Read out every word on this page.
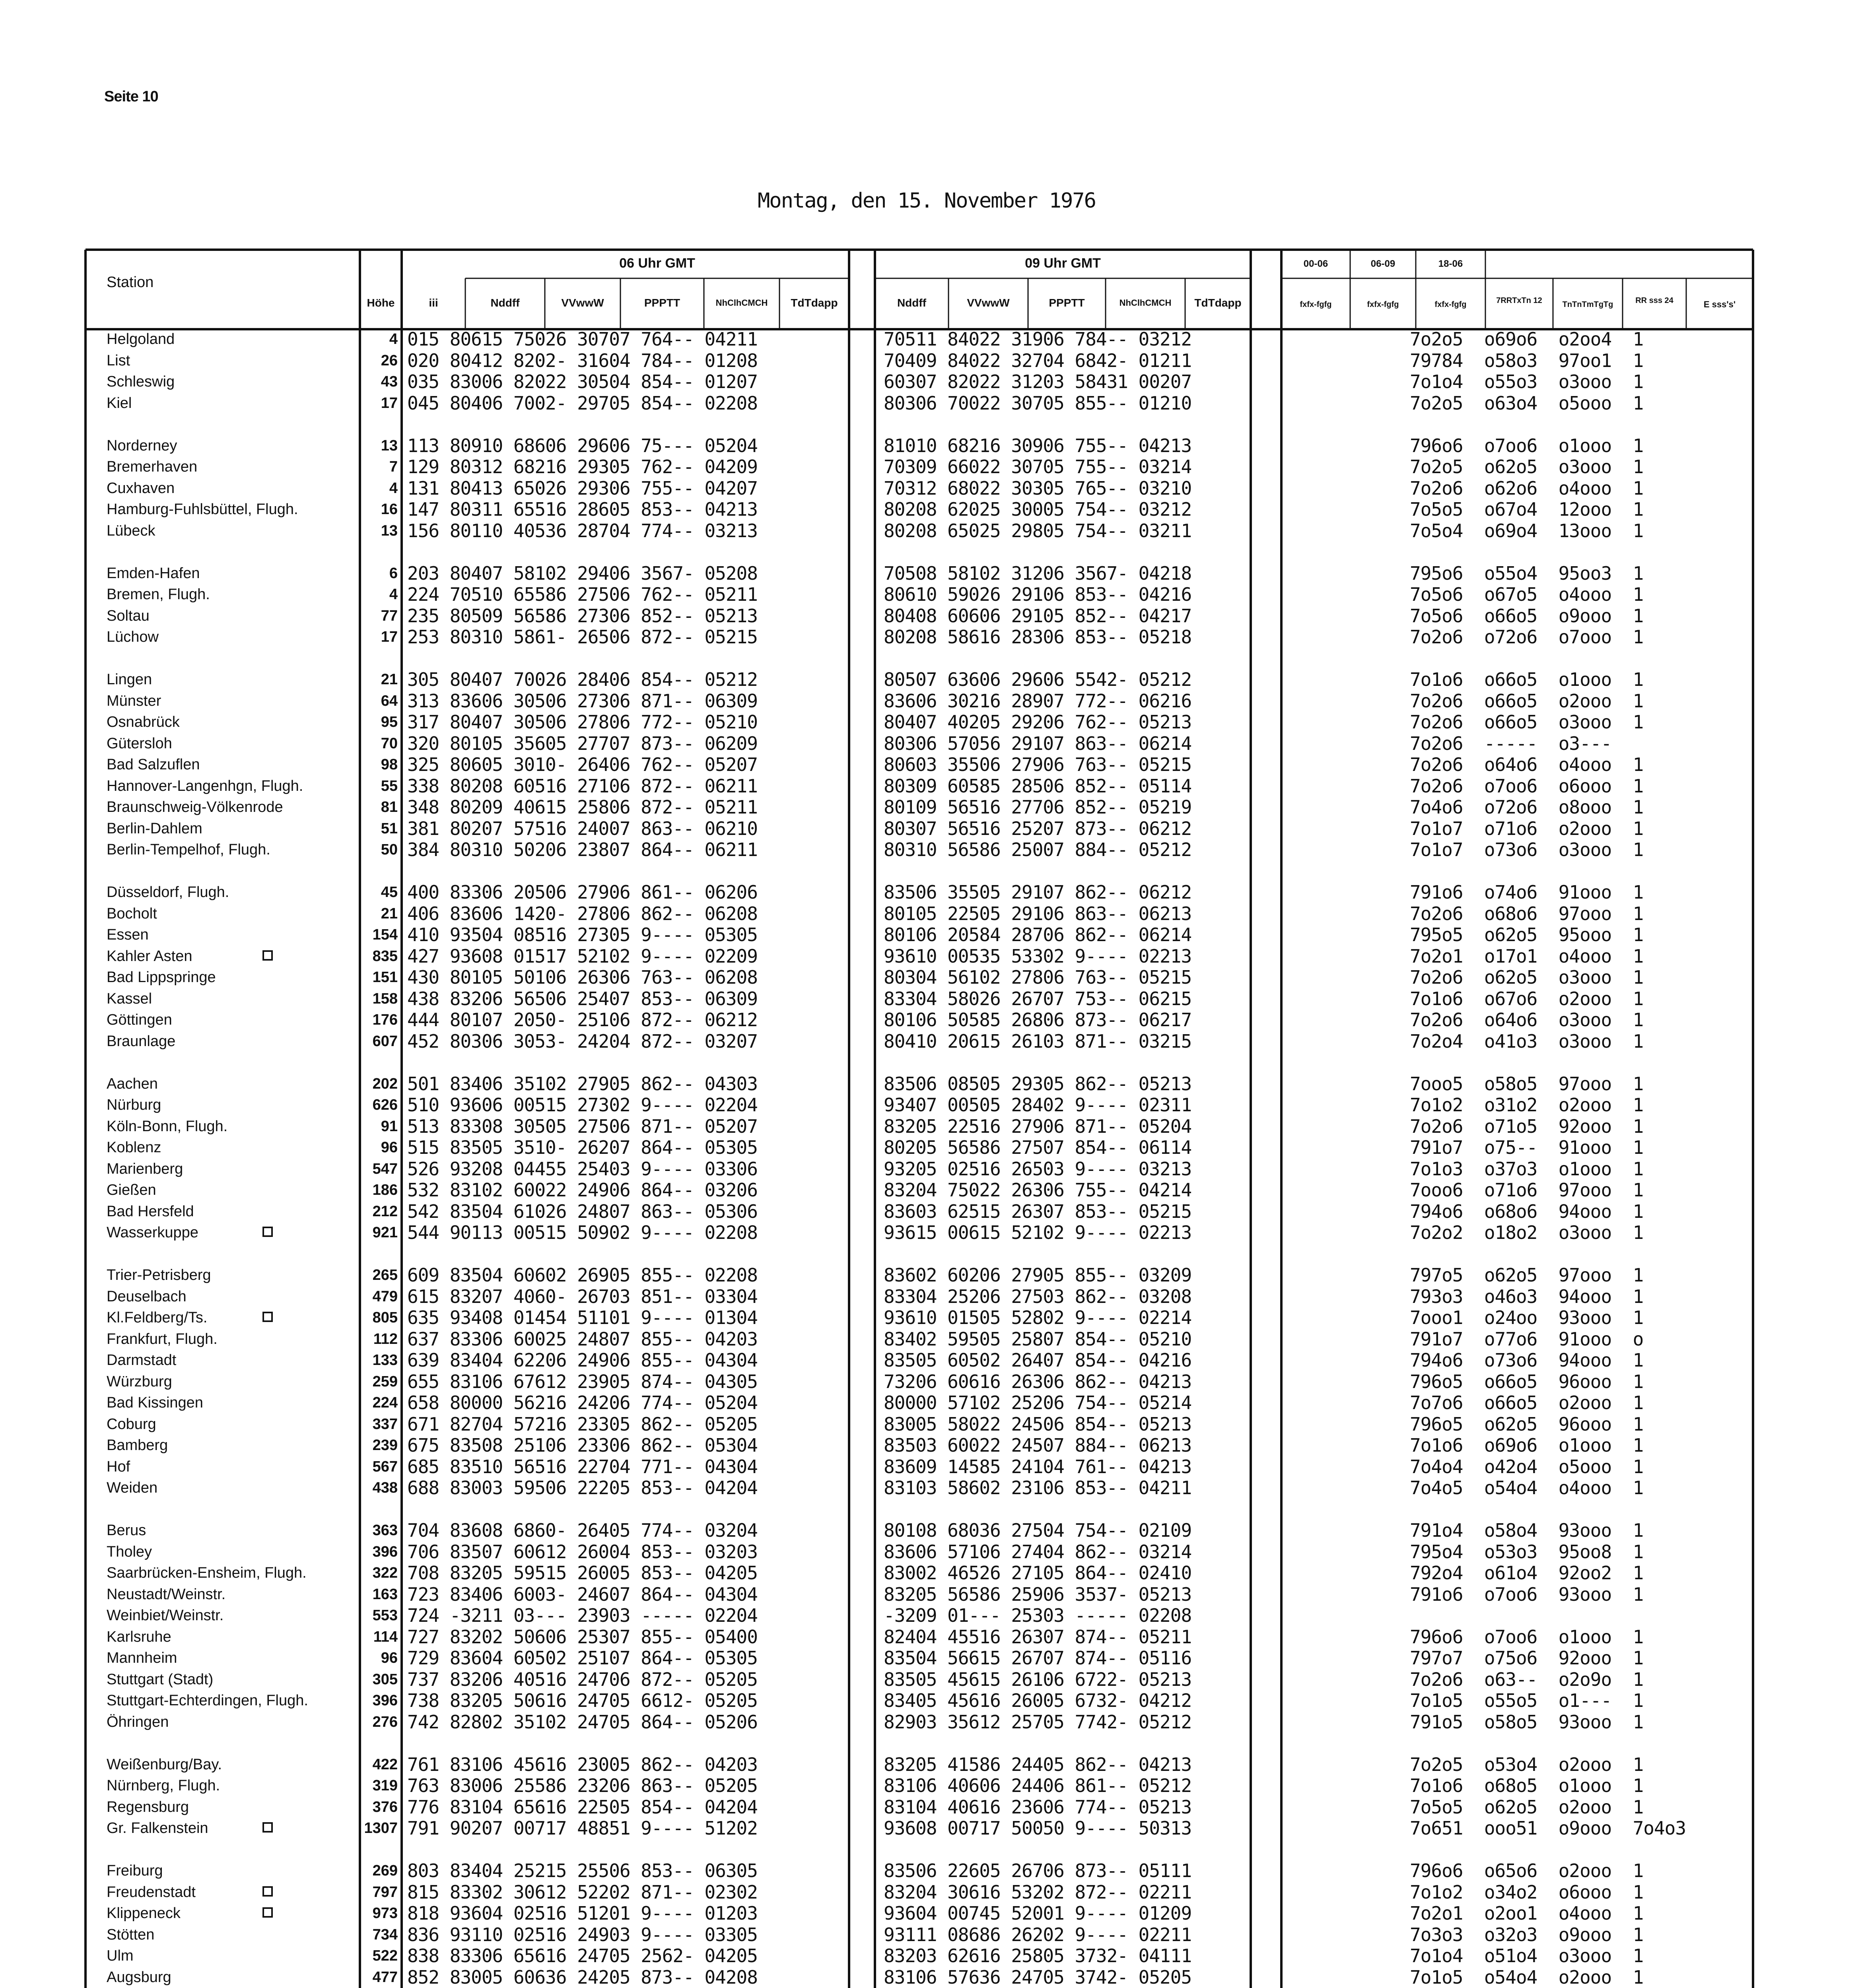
Seite 10
Montag, den 15. November 1976
Station
Höhe	iii
06 Uhr GMT	09 Uhr GMT
Nddff	VVwwW	PPPTT	NhClhCMCH	TdTdapp	Nddff	VVwwW	PPPTT	NhClhCMCH	TdTdapp
00-06	06-09	18-06
fxfx-fgfg	fxfx-fgfg	fxfx-fgfg	7RRTxTn 12	TnTnTmTgTg	RR sss 24	E sss's'
Helgoland	4 015 80615 75026 30707 764-- 04211	70511 84022 31906 784-- 03212	7o2o5  o69o6  o2oo4  1
List	26 020 80412 8202- 31604 784-- 01208	70409 84022 32704 6842- 01211	79784  o58o3  97oo1  1
Schleswig	43 035 83006 82022 30504 854-- 01207	60307 82022 31203 58431 00207	7o1o4  o55o3  o3ooo  1
Kiel	17 045 80406 7002- 29705 854-- 02208	80306 70022 30705 855-- 01210	7o2o5  o63o4  o5ooo  1
Norderney	13 113 80910 68606 29606 75--- 05204	81010 68216 30906 755-- 04213	796o6  o7oo6  o1ooo  1
Bremerhaven	7 129 80312 68216 29305 762-- 04209	70309 66022 30705 755-- 03214	7o2o5  o62o5  o3ooo  1
Cuxhaven	4 131 80413 65026 29306 755-- 04207	70312 68022 30305 765-- 03210	7o2o6  o62o6  o4ooo  1
Hamburg-Fuhlsbüttel, Flugh.	16 147 80311 65516 28605 853-- 04213	80208 62025 30005 754-- 03212	7o5o5  o67o4  12ooo  1
Lübeck	13 156 80110 40536 28704 774-- 03213	80208 65025 29805 754-- 03211	7o5o4  o69o4  13ooo  1
Emden-Hafen	6 203 80407 58102 29406 3567- 05208	70508 58102 31206 3567- 04218	795o6  o55o4  95oo3  1
Bremen, Flugh.	4 224 70510 65586 27506 762-- 05211	80610 59026 29106 853-- 04216	7o5o6  o67o5  o4ooo  1
Soltau	77 235 80509 56586 27306 852-- 05213	80408 60606 29105 852-- 04217	7o5o6  o66o5  o9ooo  1
Lüchow	17 253 80310 5861- 26506 872-- 05215	80208 58616 28306 853-- 05218	7o2o6  o72o6  o7ooo  1
Lingen	21 305 80407 70026 28406 854-- 05212	80507 63606 29606 5542- 05212	7o1o6  o66o5  o1ooo  1
Münster	64 313 83606 30506 27306 871-- 06309	83606 30216 28907 772-- 06216	7o2o6  o66o5  o2ooo  1
Osnabrück	95 317 80407 30506 27806 772-- 05210	80407 40205 29206 762-- 05213	7o2o6  o66o5  o3ooo  1
Gütersloh	70 320 80105 35605 27707 873-- 06209	80306 57056 29107 863-- 06214	7o2o6  -----  o3---
Bad Salzuflen	98 325 80605 3010- 26406 762-- 05207	80603 35506 27906 763-- 05215	7o2o6  o64o6  o4ooo  1
Hannover-Langenhgn, Flugh.	55 338 80208 60516 27106 872-- 06211	80309 60585 28506 852-- 05114	7o2o6  o7oo6  o6ooo  1
Braunschweig-Völkenrode	81 348 80209 40615 25806 872-- 05211	80109 56516 27706 852-- 05219	7o4o6  o72o6  o8ooo  1
Berlin-Dahlem	51 381 80207 57516 24007 863-- 06210	80307 56516 25207 873-- 06212	7o1o7  o71o6  o2ooo  1
Berlin-Tempelhof, Flugh.	50 384 80310 50206 23807 864-- 06211	80310 56586 25007 884-- 05212	7o1o7  o73o6  o3ooo  1
Düsseldorf, Flugh.	45 400 83306 20506 27906 861-- 06206	83506 35505 29107 862-- 06212	791o6  o74o6  91ooo  1
Bocholt	21 406 83606 1420- 27806 862-- 06208	80105 22505 29106 863-- 06213	7o2o6  o68o6  97ooo  1
Essen	154 410 93504 08516 27305 9---- 05305	80106 20584 28706 862-- 06214	795o5  o62o5  95ooo  1
Kahler Asten	835 427 93608 01517 52102 9---- 02209	93610 00535 53302 9---- 02213	7o2o1  o17o1  o4ooo  1
Bad Lippspringe	151 430 80105 50106 26306 763-- 06208	80304 56102 27806 763-- 05215	7o2o6  o62o5  o3ooo  1
Kassel	158 438 83206 56506 25407 853-- 06309	83304 58026 26707 753-- 06215	7o1o6  o67o6  o2ooo  1
Göttingen	176 444 80107 2050- 25106 872-- 06212	80106 50585 26806 873-- 06217	7o2o6  o64o6  o3ooo  1
Braunlage	607 452 80306 3053- 24204 872-- 03207	80410 20615 26103 871-- 03215	7o2o4  o41o3  o3ooo  1
Aachen	202 501 83406 35102 27905 862-- 04303	83506 08505 29305 862-- 05213	7ooo5  o58o5  97ooo  1
Nürburg	626 510 93606 00515 27302 9---- 02204	93407 00505 28402 9---- 02311	7o1o2  o31o2  o2ooo  1
Köln-Bonn, Flugh.	91 513 83308 30505 27506 871-- 05207	83205 22516 27906 871-- 05204	7o2o6  o71o5  92ooo  1
Koblenz	96 515 83505 3510- 26207 864-- 05305	80205 56586 27507 854-- 06114	791o7  o75--  91ooo  1
Marienberg	547 526 93208 04455 25403 9---- 03306	93205 02516 26503 9---- 03213	7o1o3  o37o3  o1ooo  1
Gießen	186 532 83102 60022 24906 864-- 03206	83204 75022 26306 755-- 04214	7ooo6  o71o6  97ooo  1
Bad Hersfeld	212 542 83504 61026 24807 863-- 05306	83603 62515 26307 853-- 05215	794o6  o68o6  94ooo  1
Wasserkuppe	921 544 90113 00515 50902 9---- 02208	93615 00615 52102 9---- 02213	7o2o2  o18o2  o3ooo  1
Trier-Petrisberg	265 609 83504 60602 26905 855-- 02208	83602 60206 27905 855-- 03209	797o5  o62o5  97ooo  1
Deuselbach	479 615 83207 4060- 26703 851-- 03304	83304 25206 27503 862-- 03208	793o3  o46o3  94ooo  1
Kl.Feldberg/Ts.	805 635 93408 01454 51101 9---- 01304	93610 01505 52802 9---- 02214	7ooo1  o24oo  93ooo  1
Frankfurt, Flugh.	112 637 83306 60025 24807 855-- 04203	83402 59505 25807 854-- 05210	791o7  o77o6  91ooo  o
Darmstadt	133 639 83404 62206 24906 855-- 04304	83505 60502 26407 854-- 04216	794o6  o73o6  94ooo  1
Würzburg	259 655 83106 67612 23905 874-- 04305	73206 60616 26306 862-- 04213	796o5  o66o5  96ooo  1
Bad Kissingen	224 658 80000 56216 24206 774-- 05204	80000 57102 25206 754-- 05214	7o7o6  o66o5  o2ooo  1
Coburg	337 671 82704 57216 23305 862-- 05205	83005 58022 24506 854-- 05213	796o5  o62o5  96ooo  1
Bamberg	239 675 83508 25106 23306 862-- 05304	83503 60022 24507 884-- 06213	7o1o6  o69o6  o1ooo  1
Hof	567 685 83510 56516 22704 771-- 04304	83609 14585 24104 761-- 04213	7o4o4  o42o4  o5ooo  1
Weiden	438 688 83003 59506 22205 853-- 04204	83103 58602 23106 853-- 04211	7o4o5  o54o4  o4ooo  1
Berus	363 704 83608 6860- 26405 774-- 03204	80108 68036 27504 754-- 02109	791o4  o58o4  93ooo  1
Tholey	396 706 83507 60612 26004 853-- 03203	83606 57106 27404 862-- 03214	795o4  o53o3  95oo8  1
Saarbrücken-Ensheim, Flugh.	322 708 83205 59515 26005 853-- 04205	83002 46526 27105 864-- 02410	792o4  o61o4  92oo2  1
Neustadt/Weinstr.	163 723 83406 6003- 24607 864-- 04304	83205 56586 25906 3537- 05213	791o6  o7oo6  93ooo  1
Weinbiet/Weinstr.	553 724 -3211 03--- 23903 ----- 02204	-3209 01--- 25303 ----- 02208
Karlsruhe	114 727 83202 50606 25307 855-- 05400	82404 45516 26307 874-- 05211	796o6  o7oo6  o1ooo  1
Mannheim	96 729 83604 60502 25107 864-- 05305	83504 56615 26707 874-- 05116	797o7  o75o6  92ooo  1
Stuttgart (Stadt)	305 737 83206 40516 24706 872-- 05205	83505 45615 26106 6722- 05213	7o2o6  o63--  o2o9o  1
Stuttgart-Echterdingen, Flugh.	396 738 83205 50616 24705 6612- 05205	83405 45616 26005 6732- 04212	7o1o5  o55o5  o1---  1
Öhringen	276 742 82802 35102 24705 864-- 05206	82903 35612 25705 7742- 05212	791o5  o58o5  93ooo  1
Weißenburg/Bay.	422 761 83106 45616 23005 862-- 04203	83205 41586 24405 862-- 04213	7o2o5  o53o4  o2ooo  1
Nürnberg, Flugh.	319 763 83006 25586 23206 863-- 05205	83106 40606 24406 861-- 05212	7o1o6  o68o5  o1ooo  1
Regensburg	376 776 83104 65616 22505 854-- 04204	83104 40616 23606 774-- 05213	7o5o5  o62o5  o2ooo  1
Gr. Falkenstein	1307 791 90207 00717 48851 9---- 51202	93608 00717 50050 9---- 50313	7o651  ooo51  o9ooo  7o4o3
Freiburg	269 803 83404 25215 25506 853-- 06305	83506 22605 26706 873-- 05111	796o6  o65o6  o2ooo  1
Freudenstadt	797 815 83302 30612 52202 871-- 02302	83204 30616 53202 872-- 02211	7o1o2  o34o2  o6ooo  1
Klippeneck	973 818 93604 02516 51201 9---- 01203	93604 00745 52001 9---- 01209	7o2o1  o2oo1  o4ooo  1
Stötten	734 836 93110 02516 24903 9---- 03305	93111 08686 26202 9---- 02211	7o3o3  o32o3  o9ooo  1
Ulm	522 838 83306 65616 24705 2562- 04205	83203 62616 25805 3732- 04111	7o1o4  o51o4  o3ooo  1
Augsburg	477 852 83005 60636 24205 873-- 04208	83106 57636 24705 3742- 05205	7o1o5  o54o4  o2ooo  1
